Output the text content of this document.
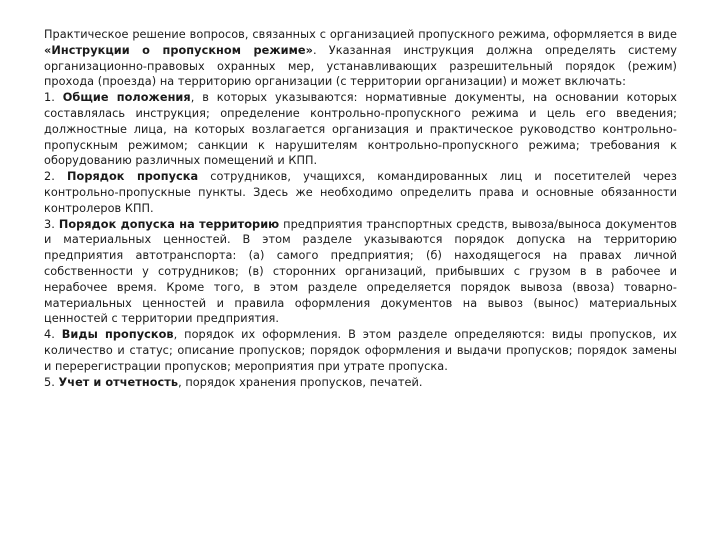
Практическое решение вопросов, связанных с организацией пропускного режима, оформляется в виде «Инструкции о пропускном режиме». Указанная инструкция должна определять систему организационно-правовых охранных мер, устанавливающих разрешительный порядок (режим) прохода (проезда) на территорию организации (с территории организации) и может включать:

1. Общие положения, в которых указываются: нормативные документы, на основании которых составлялась инструкция; определение контрольно-пропускного режима и цель его введения; должностные лица, на которых возлагается организация и практическое руководство контрольно-пропускным режимом; санкции к нарушителям контрольно-пропускного режима; требования к оборудованию различных помещений и КПП.

2. Порядок пропуска сотрудников, учащихся, командированных лиц и посетителей через контрольно-пропускные пункты. Здесь же необходимо определить права и основные обязанности контролеров КПП.

3. Порядок допуска на территорию предприятия транспортных средств, вывоза/выноса документов и материальных ценностей. В этом разделе указываются порядок допуска на территорию предприятия автотранспорта: (а) самого предприятия; (б) находящегося на правах личной собственности у сотрудников; (в) сторонних организаций, прибывших с грузом в в рабочее и нерабочее время. Кроме того, в этом разделе определяется порядок вывоза (ввоза) товарно-материальных ценностей и правила оформления документов на вывоз (вынос) материальных ценностей с территории предприятия.

4. Виды пропусков, порядок их оформления. В этом разделе определяются: виды пропусков, их количество и статус; описание пропусков; порядок оформления и выдачи пропусков; порядок замены и перерегистрации пропусков; мероприятия при утрате пропуска.

5. Учет и отчетность, порядок хранения пропусков, печатей.
